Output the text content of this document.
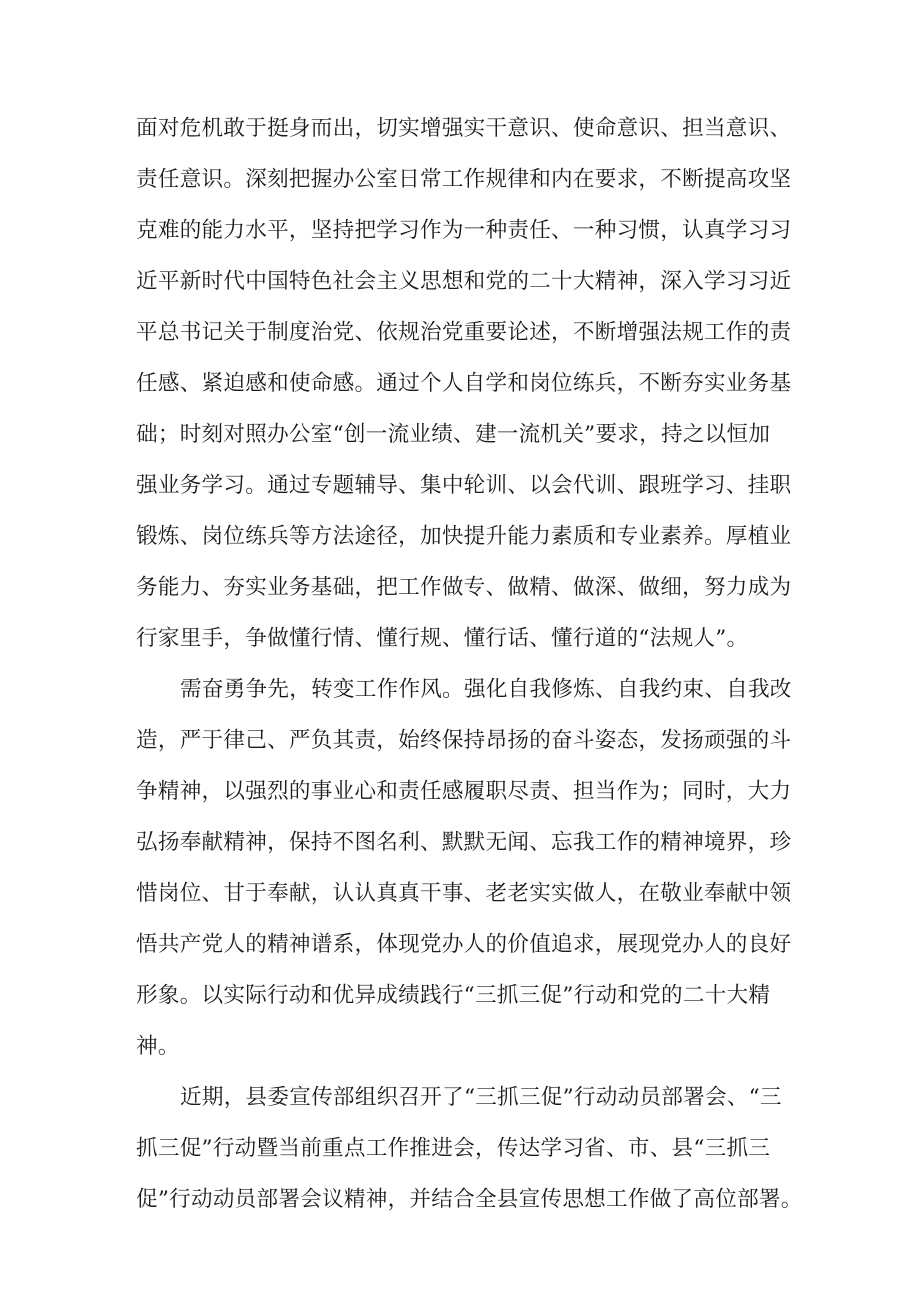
面对危机敢于挺身而出，切实增强实干意识、使命意识、担当意识、
责任意识。深刻把握办公室日常工作规律和内在要求，不断提高攻坚
克难的能力水平，坚持把学习作为一种责任、一种习惯，认真学习习
近平新时代中国特色社会主义思想和党的二十大精神，深入学习习近
平总书记关于制度治党、依规治党重要论述，不断增强法规工作的责
任感、紧迫感和使命感。通过个人自学和岗位练兵，不断夯实业务基
础；时刻对照办公室“创一流业绩、建一流机关”要求，持之以恒加
强业务学习。通过专题辅导、集中轮训、以会代训、跟班学习、挂职
锻炼、岗位练兵等方法途径，加快提升能力素质和专业素养。厚植业
务能力、夯实业务基础，把工作做专、做精、做深、做细，努力成为
行家里手，争做懂行情、懂行规、懂行话、懂行道的“法规人”。
需奋勇争先，转变工作作风。强化自我修炼、自我约束、自我改
造，严于律己、严负其责，始终保持昂扬的奋斗姿态，发扬顽强的斗
争精神，以强烈的事业心和责任感履职尽责、担当作为；同时，大力
弘扬奉献精神，保持不图名利、默默无闻、忘我工作的精神境界，珍
惜岗位、甘于奉献，认认真真干事、老老实实做人，在敬业奉献中领
悟共产党人的精神谱系，体现党办人的价值追求，展现党办人的良好
形象。以实际行动和优异成绩践行“三抓三促”行动和党的二十大精
神。
近期，县委宣传部组织召开了“三抓三促”行动动员部署会、“三
抓三促”行动暨当前重点工作推进会，传达学习省、市、县“三抓三
促”行动动员部署会议精神，并结合全县宣传思想工作做了高位部署。
